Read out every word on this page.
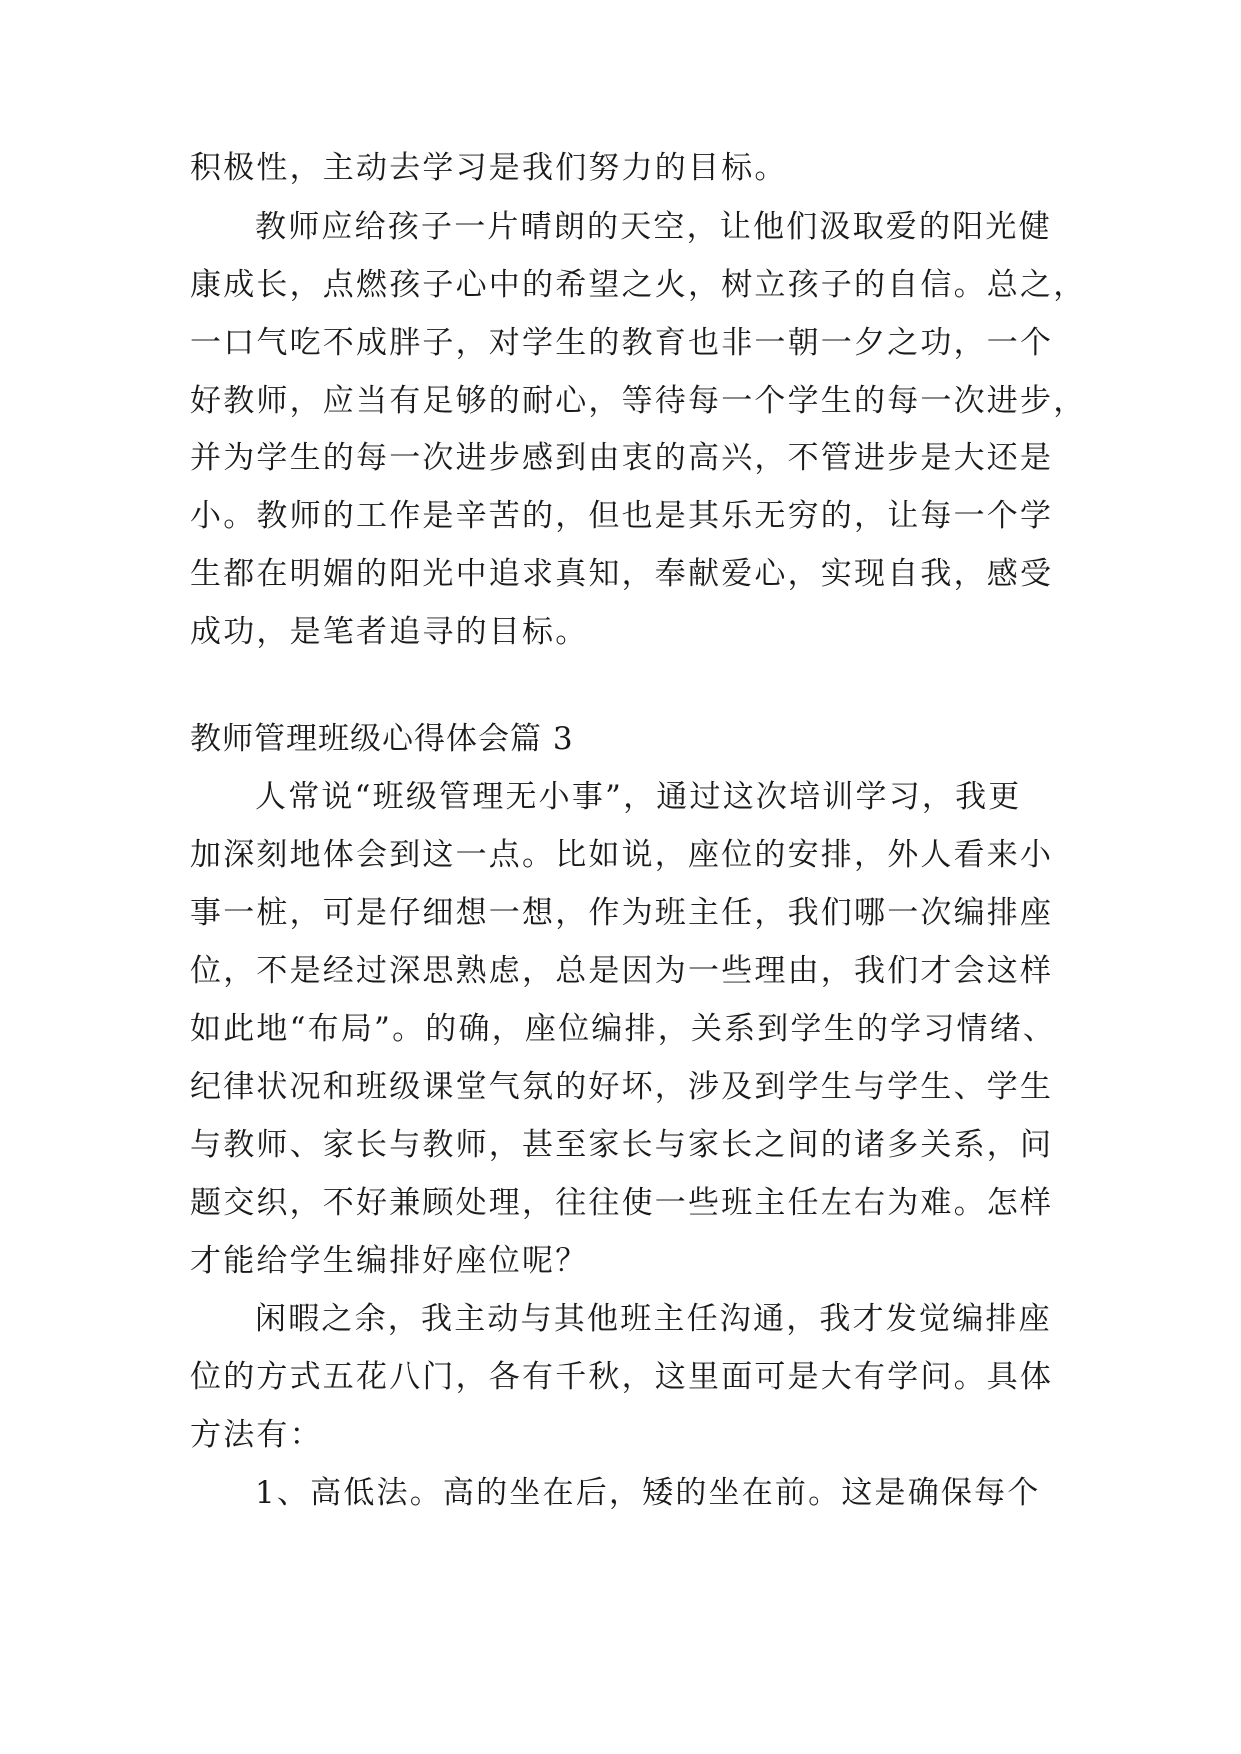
积极性，主动去学习是我们努力的目标。
教师应给孩子一片晴朗的天空，让他们汲取爱的阳光健
康成长，点燃孩子心中的希望之火，树立孩子的自信。总之，
一口气吃不成胖子，对学生的教育也非一朝一夕之功，一个
好教师，应当有足够的耐心，等待每一个学生的每一次进步，
并为学生的每一次进步感到由衷的高兴，不管进步是大还是
小。教师的工作是辛苦的，但也是其乐无穷的，让每一个学
生都在明媚的阳光中追求真知，奉献爱心，实现自我，感受
成功，是笔者追寻的目标。
教师管理班级心得体会篇 3
人常说“班级管理无小事”，通过这次培训学习，我更
加深刻地体会到这一点。比如说，座位的安排，外人看来小
事一桩，可是仔细想一想，作为班主任，我们哪一次编排座
位，不是经过深思熟虑，总是因为一些理由，我们才会这样
如此地“布局”。的确，座位编排，关系到学生的学习情绪、
纪律状况和班级课堂气氛的好坏，涉及到学生与学生、学生
与教师、家长与教师，甚至家长与家长之间的诸多关系，问
题交织，不好兼顾处理，往往使一些班主任左右为难。怎样
才能给学生编排好座位呢？
闲暇之余，我主动与其他班主任沟通，我才发觉编排座
位的方式五花八门，各有千秋，这里面可是大有学问。具体
方法有：
1、高低法。高的坐在后，矮的坐在前。这是确保每个
